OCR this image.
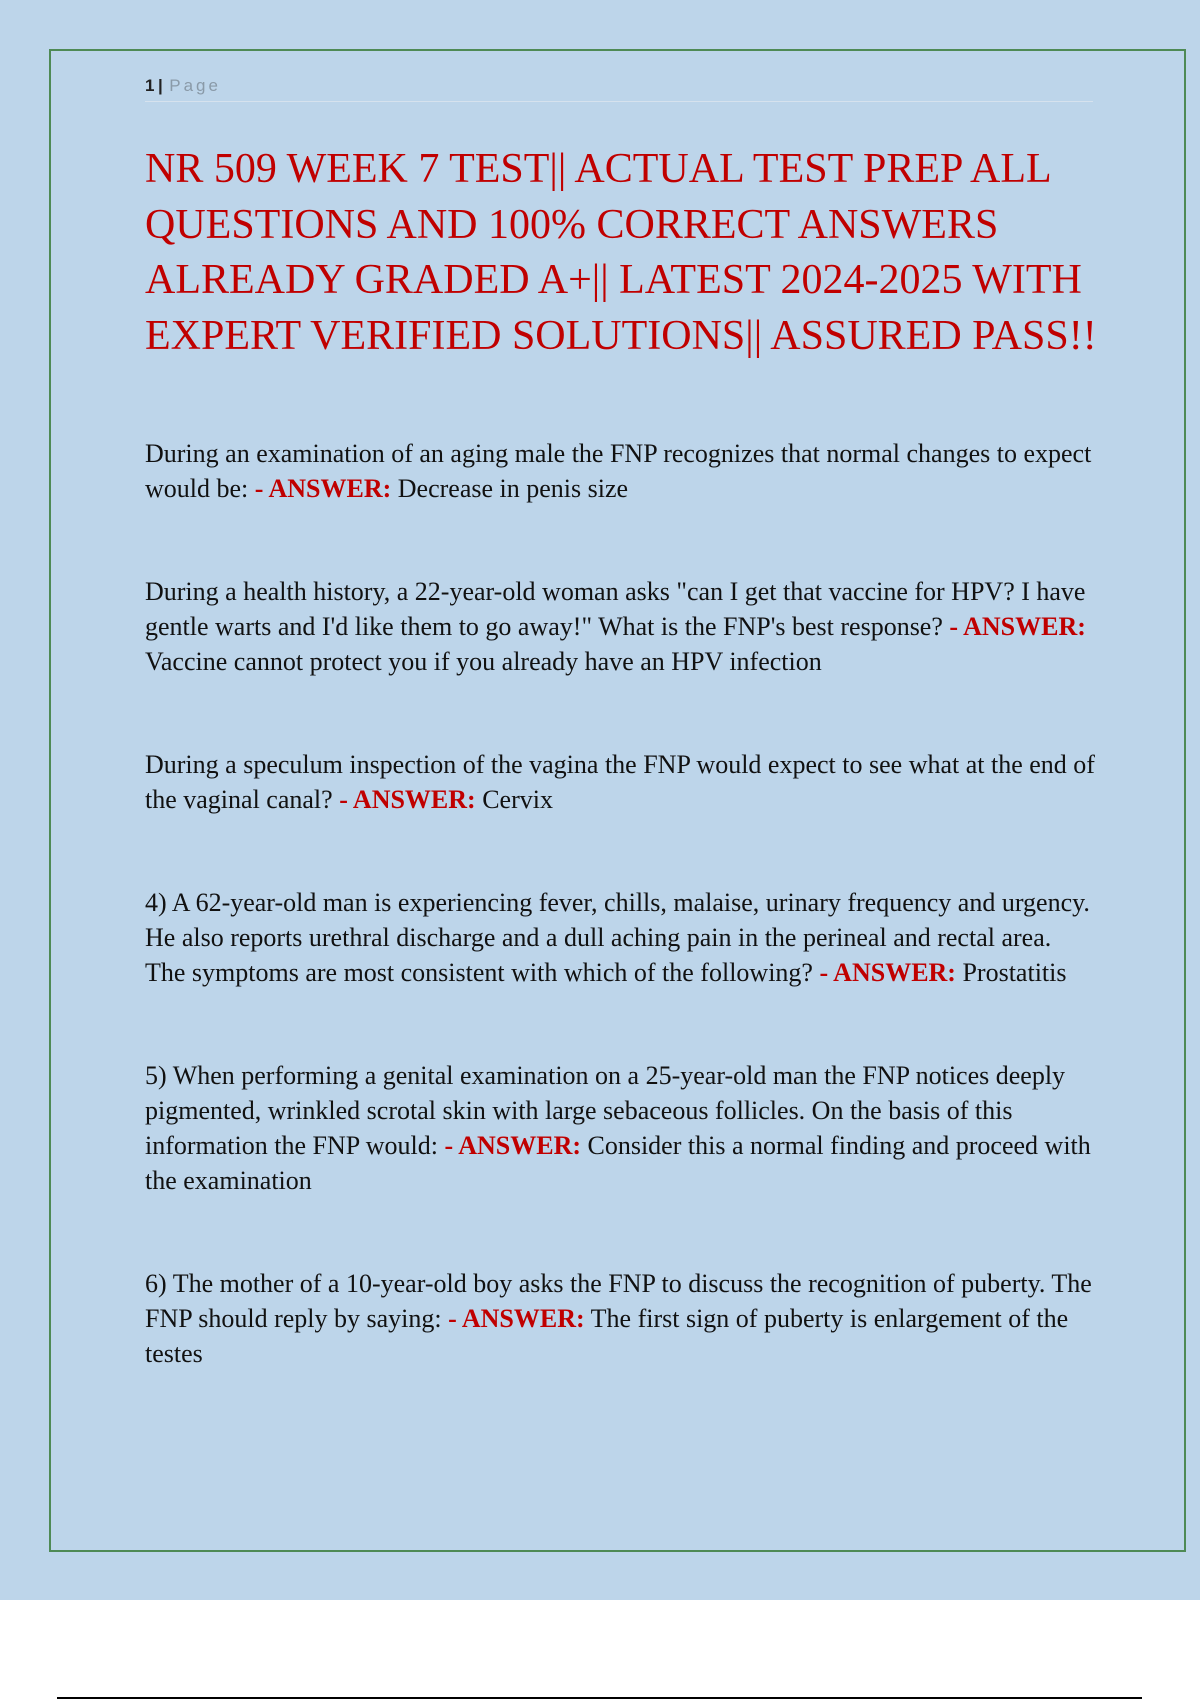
1 | Page
NR 509 WEEK 7 TEST|| ACTUAL TEST PREP ALL QUESTIONS AND 100% CORRECT ANSWERS ALREADY GRADED A+|| LATEST 2024-2025 WITH EXPERT VERIFIED SOLUTIONS|| ASSURED PASS!!
During an examination of an aging male the FNP recognizes that normal changes to expect would be: - ANSWER: Decrease in penis size
During a health history, a 22-year-old woman asks "can I get that vaccine for HPV? I have gentle warts and I'd like them to go away!" What is the FNP's best response? - ANSWER: Vaccine cannot protect you if you already have an HPV infection
During a speculum inspection of the vagina the FNP would expect to see what at the end of the vaginal canal? - ANSWER: Cervix
4) A 62-year-old man is experiencing fever, chills, malaise, urinary frequency and urgency. He also reports urethral discharge and a dull aching pain in the perineal and rectal area. The symptoms are most consistent with which of the following? - ANSWER: Prostatitis
5) When performing a genital examination on a 25-year-old man the FNP notices deeply pigmented, wrinkled scrotal skin with large sebaceous follicles. On the basis of this information the FNP would: - ANSWER: Consider this a normal finding and proceed with the examination
6) The mother of a 10-year-old boy asks the FNP to discuss the recognition of puberty. The FNP should reply by saying: - ANSWER: The first sign of puberty is enlargement of the testes
